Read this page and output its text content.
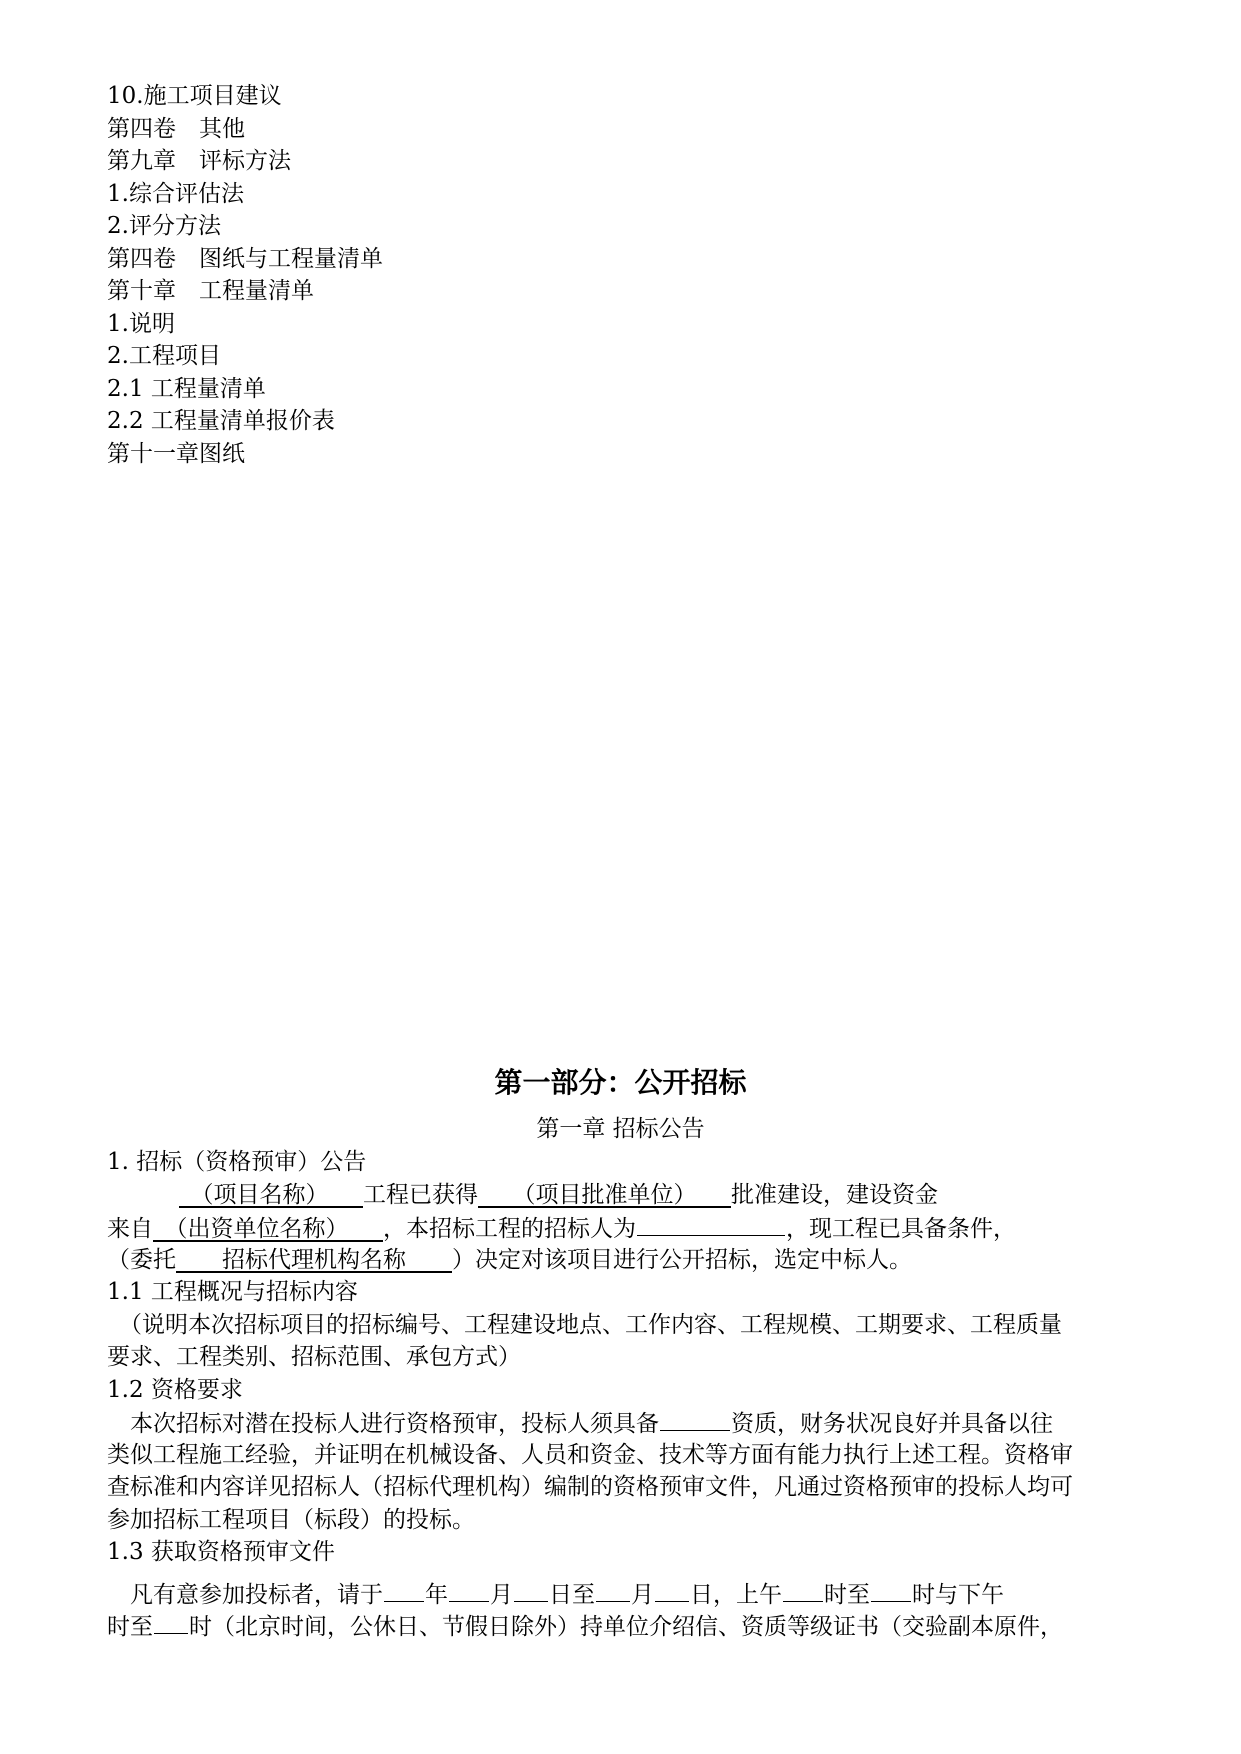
10.施工项目建议
第四卷　其他
第九章　评标方法
1.综合评估法
2.评分方法
第四卷　图纸与工程量清单
第十章　工程量清单
1.说明
2.工程项目
2.1 工程量清单
2.2 工程量清单报价表
第十一章图纸
第一部分：公开招标
第一章 招标公告
1. 招标（资格预审）公告
　（项目名称）　　工程已获得　　（项目批准单位）　　批准建设，建设资金
来自　（出资单位名称）　　，本招标工程的招标人为	，现工程已具备条件，
（委托　　招标代理机构名称　　）决定对该项目进行公开招标，选定中标人。
1.1 工程概况与招标内容
（说明本次招标项目的招标编号、工程建设地点、工作内容、工程规模、工期要求、工程质量
要求、工程类别、招标范围、承包方式）
1.2 资格要求
　本次招标对潜在投标人进行资格预审，投标人须具备	资质，财务状况良好并具备以往
类似工程施工经验，并证明在机械设备、人员和资金、技术等方面有能力执行上述工程。资格审
查标准和内容详见招标人（招标代理机构）编制的资格预审文件，凡通过资格预审的投标人均可
参加招标工程项目（标段）的投标。
1.3 获取资格预审文件
　凡有意参加投标者，请于 年 月 日至 月 日，上午 时至 时与下午
时至 时（北京时间，公休日、节假日除外）持单位介绍信、资质等级证书（交验副本原件，
